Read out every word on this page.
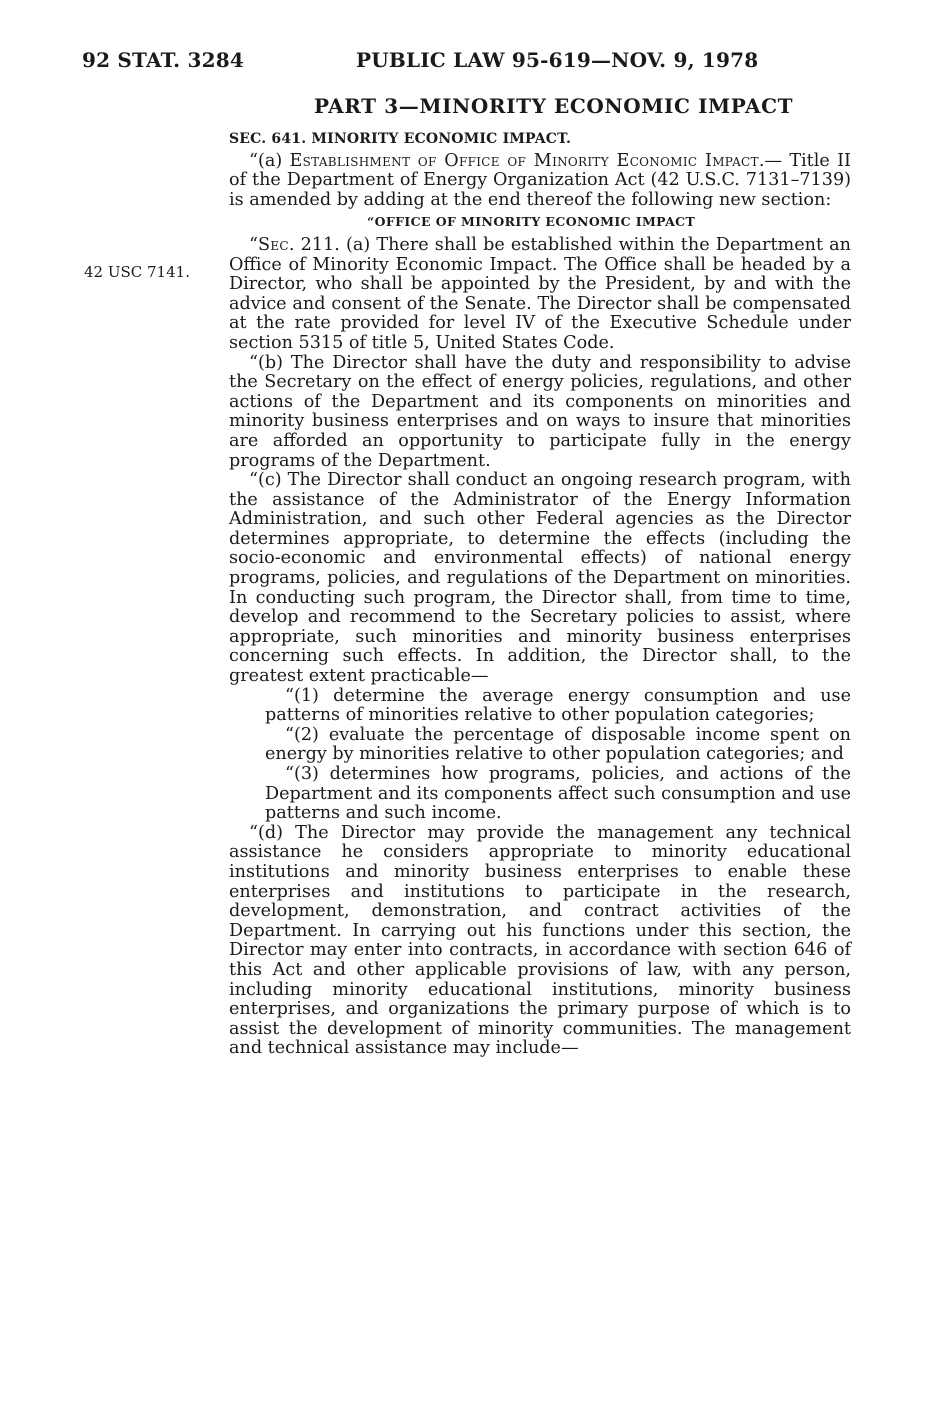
92 STAT. 3284	PUBLIC LAW 95-619—NOV. 9, 1978
PART 3—MINORITY ECONOMIC IMPACT
42 USC 7141.

SEC. 641. MINORITY ECONOMIC IMPACT.

“(a) Establishment of Office of Minority Economic Impact.— Title II of the Department of Energy Organization Act (42 U.S.C. 7131–7139) is amended by adding at the end thereof the following new section:

“OFFICE OF MINORITY ECONOMIC IMPACT

“Sec. 211. (a) There shall be established within the Department an Office of Minority Economic Impact. The Office shall be headed by a Director, who shall be appointed by the President, by and with the advice and consent of the Senate. The Director shall be compensated at the rate provided for level IV of the Executive Schedule under section 5315 of title 5, United States Code.

“(b) The Director shall have the duty and responsibility to advise the Secretary on the effect of energy policies, regulations, and other actions of the Department and its components on minorities and minority business enterprises and on ways to insure that minorities are afforded an opportunity to participate fully in the energy programs of the Department.

“(c) The Director shall conduct an ongoing research program, with the assistance of the Administrator of the Energy Information Administration, and such other Federal agencies as the Director determines appropriate, to determine the effects (including the socio-economic and environmental effects) of national energy programs, policies, and regulations of the Department on minorities. In conducting such program, the Director shall, from time to time, develop and recommend to the Secretary policies to assist, where appropriate, such minorities and minority business enterprises concerning such effects. In addition, the Director shall, to the greatest extent practicable—

“(1) determine the average energy consumption and use patterns of minorities relative to other population categories;

“(2) evaluate the percentage of disposable income spent on energy by minorities relative to other population categories; and

“(3) determines how programs, policies, and actions of the Department and its components affect such consumption and use patterns and such income.

“(d) The Director may provide the management any technical assistance he considers appropriate to minority educational institutions and minority business enterprises to enable these enterprises and institutions to participate in the research, development, demonstration, and contract activities of the Department. In carrying out his functions under this section, the Director may enter into contracts, in accordance with section 646 of this Act and other applicable provisions of law, with any person, including minority educational institutions, minority business enterprises, and organizations the primary purpose of which is to assist the development of minority communities. The management and technical assistance may include—
